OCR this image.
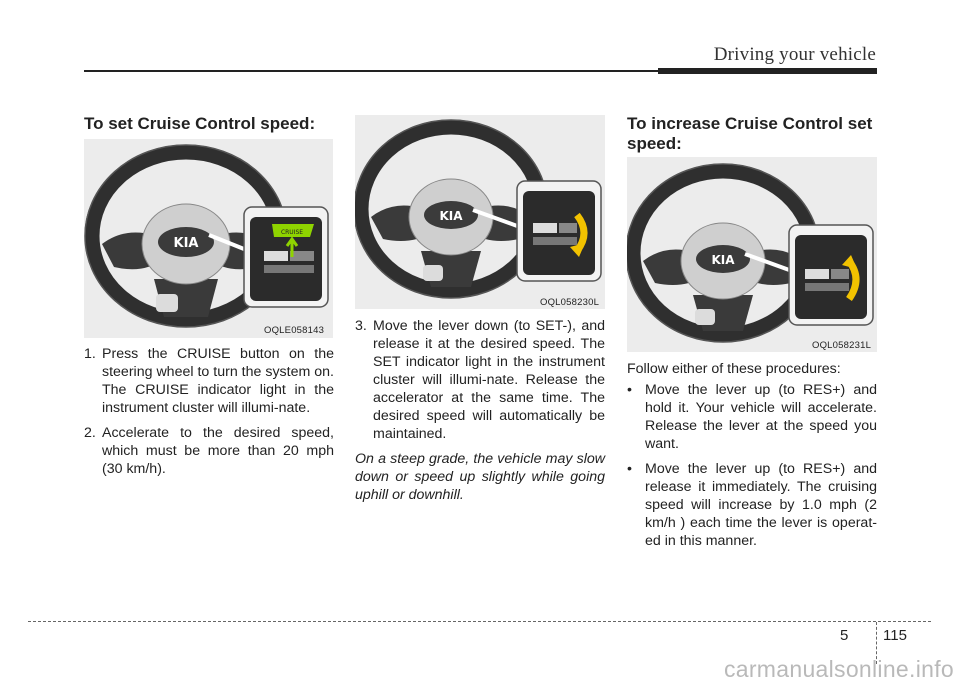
Driving your vehicle
To set Cruise Control speed:
KIA
CRUISE
OQLE058143
1. Press the CRUISE button on the steering wheel to turn the system on. The CRUISE indicator light in the instrument cluster will illumi-nate.
2. Accelerate to the desired speed, which must be more than 20 mph (30 km/h).
KIA
OQL058230L
3. Move the lever down (to SET-), and release it at the desired speed. The SET indicator light in the instrument cluster will illumi-nate. Release the accelerator at the same time. The desired speed will automatically be maintained.

On a steep grade, the vehicle may slow down or speed up slightly while going uphill or downhill.

To increase Cruise Control set speed:
KIA
OQL058231L

Follow either of these procedures:

• Move the lever up (to RES+) and hold it. Your vehicle will accelerate. Release the lever at the speed you want.
• Move the lever up (to RES+) and release it immediately. The cruising speed will increase by 1.0 mph (2 km/h ) each time the lever is operat-ed in this manner.
5 115
carmanualsonline.info
